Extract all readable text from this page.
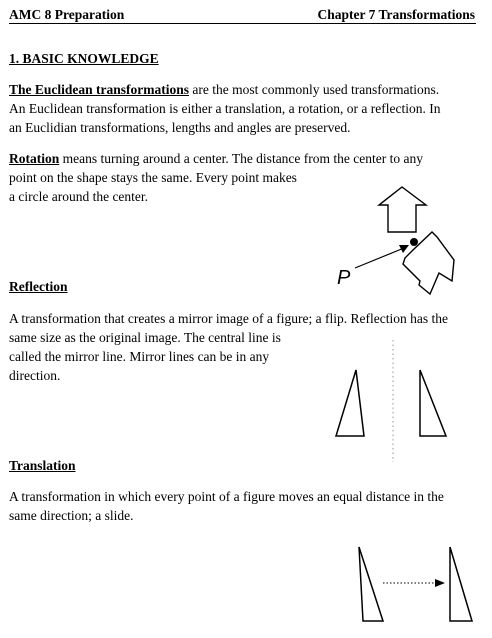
AMC 8 Preparation	Chapter 7 Transformations
1. BASIC KNOWLEDGE
The Euclidean transformations are the most commonly used transformations.
An Euclidean transformation is either a translation, a rotation, or a reflection. In
an Euclidian transformations, lengths and angles are preserved.
Rotation means turning around a center. The distance from the center to any
point on the shape stays the same. Every point makes
a circle around the center.
Reflection
A transformation that creates a mirror image of a figure; a flip. Reflection has the
same size as the original image. The central line is
called the mirror line. Mirror lines can be in any
direction.
Translation
A transformation in which every point of a figure moves an equal distance in the
same direction; a slide.
P
